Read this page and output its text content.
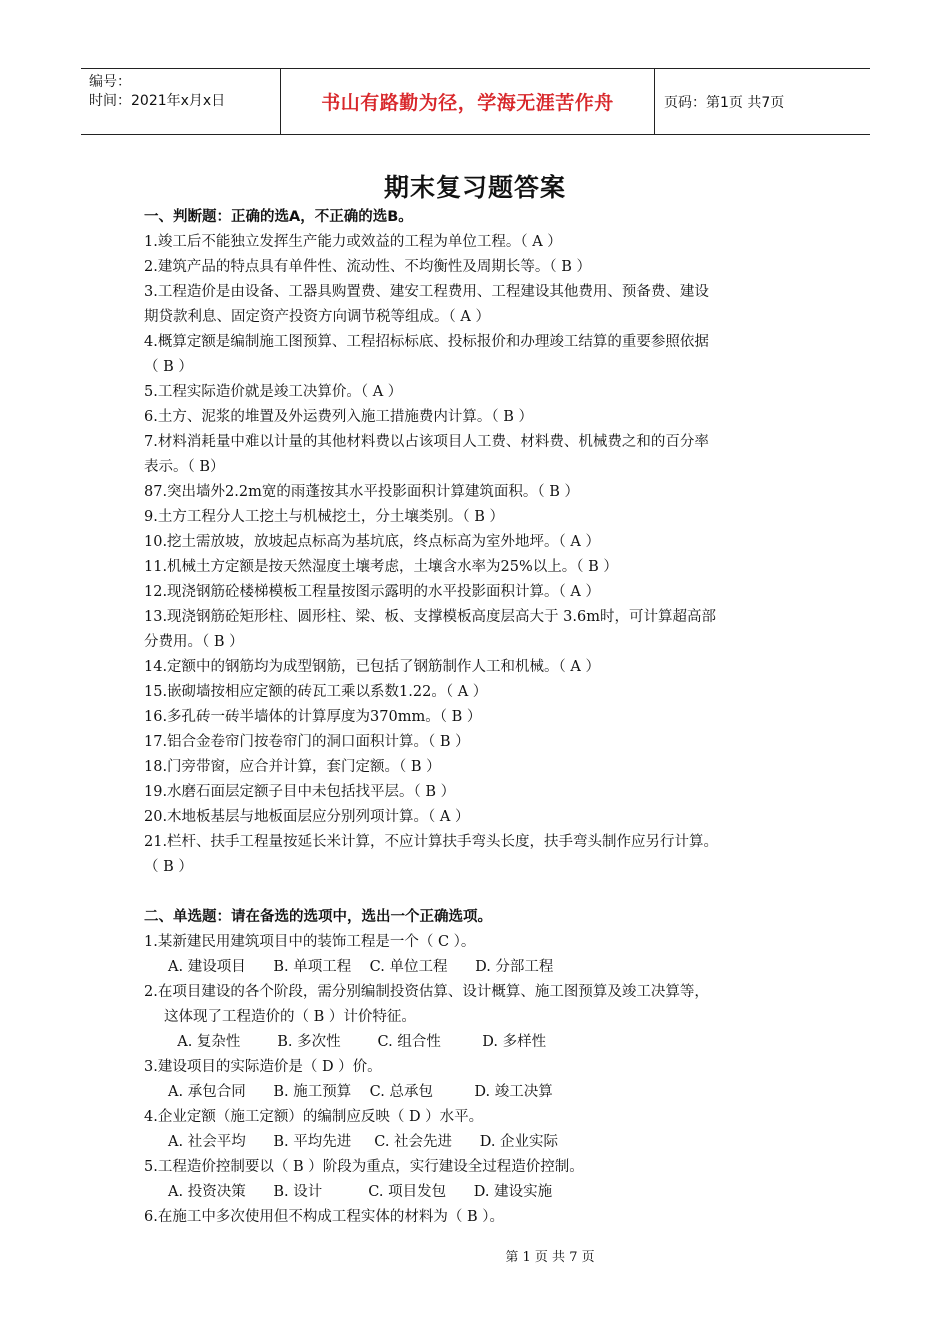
编号：
时间：2021年x月x日	书山有路勤为径，学海无涯苦作舟	页码：第1页 共7页
期末复习题答案
一、判断题：正确的选A，不正确的选B。
1.竣工后不能独立发挥生产能力或效益的工程为单位工程。（ A ）
2.建筑产品的特点具有单件性、流动性、不均衡性及周期长等。（ B ）
3.工程造价是由设备、工器具购置费、建安工程费用、工程建设其他费用、预备费、建设
期贷款利息、固定资产投资方向调节税等组成。（ A ）
4.概算定额是编制施工图预算、工程招标标底、投标报价和办理竣工结算的重要参照依据
（ B ）
5.工程实际造价就是竣工决算价。（ A ）
6.土方、泥浆的堆置及外运费列入施工措施费内计算。（ B ）
7.材料消耗量中难以计量的其他材料费以占该项目人工费、材料费、机械费之和的百分率
表示。（ B）
87.突出墙外2.2m宽的雨蓬按其水平投影面积计算建筑面积。（ B ）
9.土方工程分人工挖土与机械挖土，分土壤类别。（ B ）
10.挖土需放坡，放坡起点标高为基坑底，终点标高为室外地坪。（ A ）
11.机械土方定额是按天然湿度土壤考虑，土壤含水率为25%以上。（ B ）
12.现浇钢筋砼楼梯模板工程量按图示露明的水平投影面积计算。（ A ）
13.现浇钢筋砼矩形柱、圆形柱、梁、板、支撑模板高度层高大于 3.6m时，可计算超高部
分费用。（ B ）
14.定额中的钢筋均为成型钢筋，已包括了钢筋制作人工和机械。（ A ）
15.嵌砌墙按相应定额的砖瓦工乘以系数1.22。（ A ）
16.多孔砖一砖半墙体的计算厚度为370mm。（ B ）
17.铝合金卷帘门按卷帘门的洞口面积计算。（ B ）
18.门旁带窗，应合并计算，套门定额。（ B ）
19.水磨石面层定额子目中未包括找平层。（ B ）
20.木地板基层与地板面层应分别列项计算。（ A ）
21.栏杆、扶手工程量按延长米计算，不应计算扶手弯头长度，扶手弯头制作应另行计算。
（ B ）
二、单选题：请在备选的选项中，选出一个正确选项。
1.某新建民用建筑项目中的装饰工程是一个（ C ）。
A. 建设项目      B. 单项工程    C. 单位工程      D. 分部工程
2.在项目建设的各个阶段，需分别编制投资估算、设计概算、施工图预算及竣工决算等，
这体现了工程造价的（ B ）计价特征。
A. 复杂性        B. 多次性        C. 组合性         D. 多样性
3.建设项目的实际造价是（ D ）价。
A. 承包合同      B. 施工预算    C. 总承包         D. 竣工决算
4.企业定额（施工定额）的编制应反映（ D ）水平。
A. 社会平均      B. 平均先进     C. 社会先进      D. 企业实际
5.工程造价控制要以（ B ）阶段为重点，实行建设全过程造价控制。
A. 投资决策      B. 设计          C. 项目发包      D. 建设实施
6.在施工中多次使用但不构成工程实体的材料为（ B ）。
第 1 页 共 7 页
